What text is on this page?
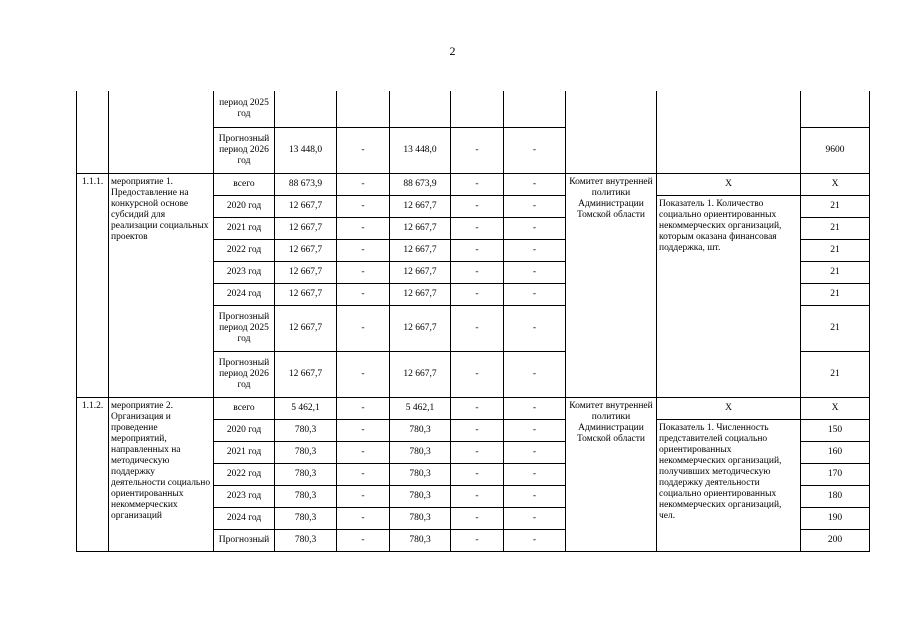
2
		период 2025 год								
		Прогнозный период 2026 год	13 448,0	-	13 448,0	-	-			9600
1.1.1.	мероприятие 1. Предоставление на конкурсной основе субсидий для реализации социальных проектов	всего	88 673,9	-	88 673,9	-	-	Комитет внутренней политики Администрации Томской области	Х	Х
		2020 год	12 667,7	-	12 667,7	-	-		Показатель 1. Количество социально ориентированных некоммерческих организаций, которым оказана финансовая поддержка, шт.	21
		2021 год	12 667,7	-	12 667,7	-	-			21
		2022 год	12 667,7	-	12 667,7	-	-			21
		2023 год	12 667,7	-	12 667,7	-	-			21
		2024 год	12 667,7	-	12 667,7	-	-			21
		Прогнозный период 2025 год	12 667,7	-	12 667,7	-	-			21
		Прогнозный период 2026 год	12 667,7	-	12 667,7	-	-			21
1.1.2.	мероприятие 2. Организация и проведение мероприятий, направленных на методическую поддержку деятельности социально ориентированных некоммерческих организаций	всего	5 462,1	-	5 462,1	-	-	Комитет внутренней политики Администрации Томской области	Х	Х
		2020 год	780,3	-	780,3	-	-		Показатель 1. Численность представителей социально ориентированных некоммерческих организаций, получивших методическую поддержку деятельности социально ориентированных некоммерческих организаций, чел.	150
		2021 год	780,3	-	780,3	-	-			160
		2022 год	780,3	-	780,3	-	-			170
		2023 год	780,3	-	780,3	-	-			180
		2024 год	780,3	-	780,3	-	-			190
		Прогнозный	780,3	-	780,3	-	-			200
